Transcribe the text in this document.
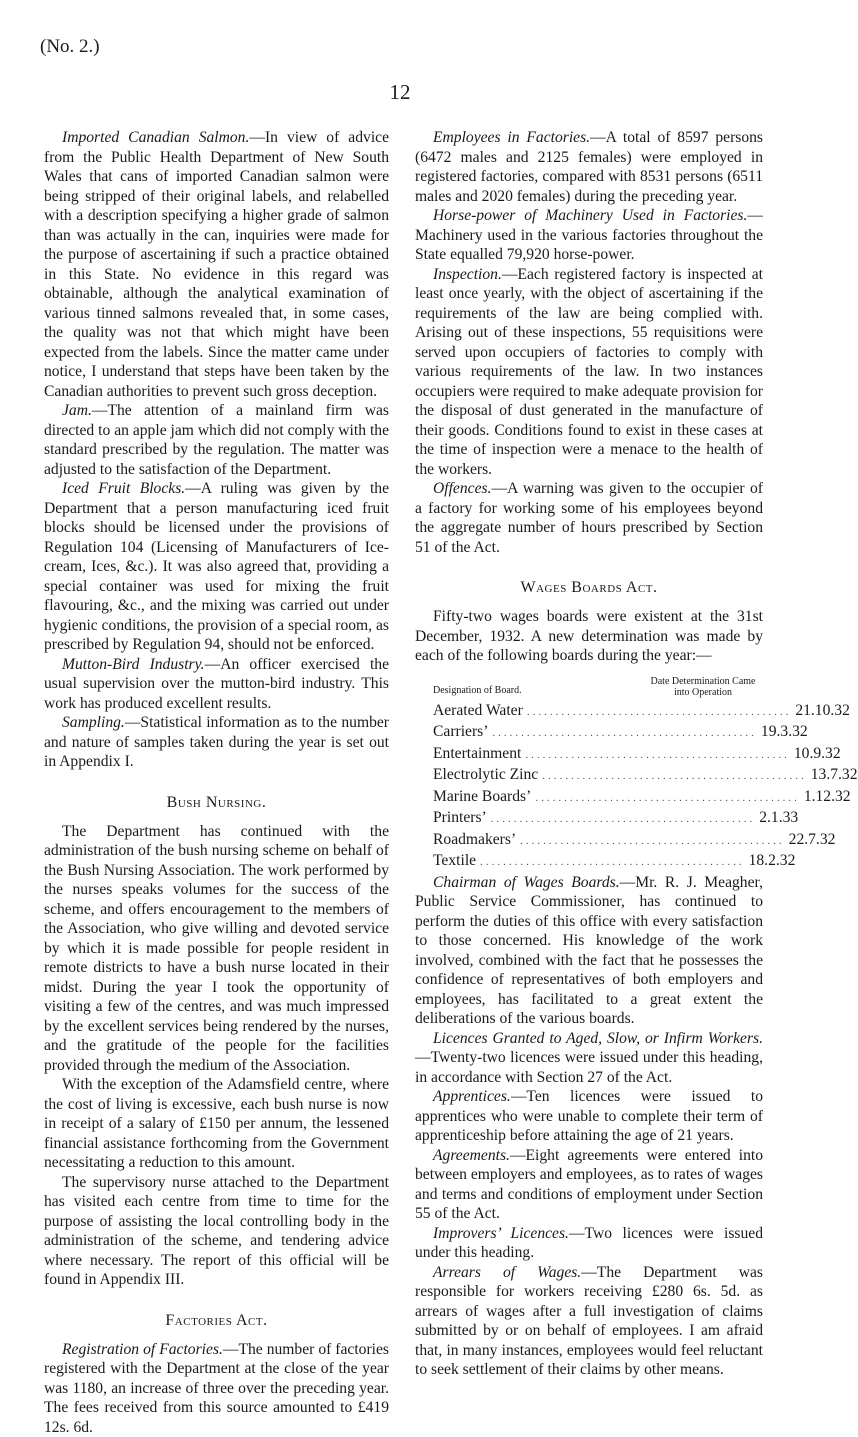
(No. 2.)
12

Imported Canadian Salmon.—In view of advice from the Public Health Department of New South Wales that cans of imported Canadian salmon were being stripped of their original labels, and relabelled with a description specifying a higher grade of salmon than was actually in the can, inquiries were made for the purpose of ascertaining if such a practice obtained in this State. No evidence in this regard was obtainable, although the analytical examination of various tinned salmons revealed that, in some cases, the quality was not that which might have been expected from the labels. Since the matter came under notice, I understand that steps have been taken by the Canadian authorities to prevent such gross deception.

Jam.—The attention of a mainland firm was directed to an apple jam which did not comply with the standard prescribed by the regulation. The matter was adjusted to the satisfaction of the Department.

Iced Fruit Blocks.—A ruling was given by the Department that a person manufacturing iced fruit blocks should be licensed under the provisions of Regulation 104 (Licensing of Manufacturers of Ice-cream, Ices, &c.). It was also agreed that, providing a special container was used for mixing the fruit flavouring, &c., and the mixing was carried out under hygienic conditions, the provision of a special room, as prescribed by Regulation 94, should not be enforced.

Mutton-Bird Industry.—An officer exercised the usual supervision over the mutton-bird industry. This work has produced excellent results.

Sampling.—Statistical information as to the number and nature of samples taken during the year is set out in Appendix I.

Bush Nursing.

The Department has continued with the administration of the bush nursing scheme on behalf of the Bush Nursing Association. The work performed by the nurses speaks volumes for the success of the scheme, and offers encouragement to the members of the Association, who give willing and devoted service by which it is made possible for people resident in remote districts to have a bush nurse located in their midst. During the year I took the opportunity of visiting a few of the centres, and was much impressed by the excellent services being rendered by the nurses, and the gratitude of the people for the facilities provided through the medium of the Association.

With the exception of the Adamsfield centre, where the cost of living is excessive, each bush nurse is now in receipt of a salary of £150 per annum, the lessened financial assistance forthcoming from the Government necessitating a reduction to this amount.

The supervisory nurse attached to the Department has visited each centre from time to time for the purpose of assisting the local controlling body in the administration of the scheme, and tendering advice where necessary. The report of this official will be found in Appendix III.

Factories Act.

Registration of Factories.—The number of factories registered with the Department at the close of the year was 1180, an increase of three over the preceding year. The fees received from this source amounted to £419 12s. 6d.

Employees in Factories.—A total of 8597 persons (6472 males and 2125 females) were employed in registered factories, compared with 8531 persons (6511 males and 2020 females) during the preceding year.

Horse-power of Machinery Used in Factories.—Machinery used in the various factories throughout the State equalled 79,920 horse-power.

Inspection.—Each registered factory is inspected at least once yearly, with the object of ascertaining if the requirements of the law are being complied with. Arising out of these inspections, 55 requisitions were served upon occupiers of factories to comply with various requirements of the law. In two instances occupiers were required to make adequate provision for the disposal of dust generated in the manufacture of their goods. Conditions found to exist in these cases at the time of inspection were a menace to the health of the workers.

Offences.—A warning was given to the occupier of a factory for working some of his employees beyond the aggregate number of hours prescribed by Section 51 of the Act.

Wages Boards Act.

Fifty-two wages boards were existent at the 31st December, 1932. A new determination was made by each of the following boards during the year:—

Designation of Board.
Date Determination Came into Operation
Aerated Water .............................................. 21.10.32
Carriers’ .............................................. 19.3.32
Entertainment .............................................. 10.9.32
Electrolytic Zinc .............................................. 13.7.32
Marine Boards’ .............................................. 1.12.32
Printers’ .............................................. 2.1.33
Roadmakers’ .............................................. 22.7.32
Textile .............................................. 18.2.32

Chairman of Wages Boards.—Mr. R. J. Meagher, Public Service Commissioner, has continued to perform the duties of this office with every satisfaction to those concerned. His knowledge of the work involved, combined with the fact that he possesses the confidence of representatives of both employers and employees, has facilitated to a great extent the deliberations of the various boards.

Licences Granted to Aged, Slow, or Infirm Workers.—Twenty-two licences were issued under this heading, in accordance with Section 27 of the Act.

Apprentices.—Ten licences were issued to apprentices who were unable to complete their term of apprenticeship before attaining the age of 21 years.

Agreements.—Eight agreements were entered into between employers and employees, as to rates of wages and terms and conditions of employment under Section 55 of the Act.

Improvers’ Licences.—Two licences were issued under this heading.

Arrears of Wages.—The Department was responsible for workers receiving £280 6s. 5d. as arrears of wages after a full investigation of claims submitted by or on behalf of employees. I am afraid that, in many instances, employees would feel reluctant to seek settlement of their claims by other means.
